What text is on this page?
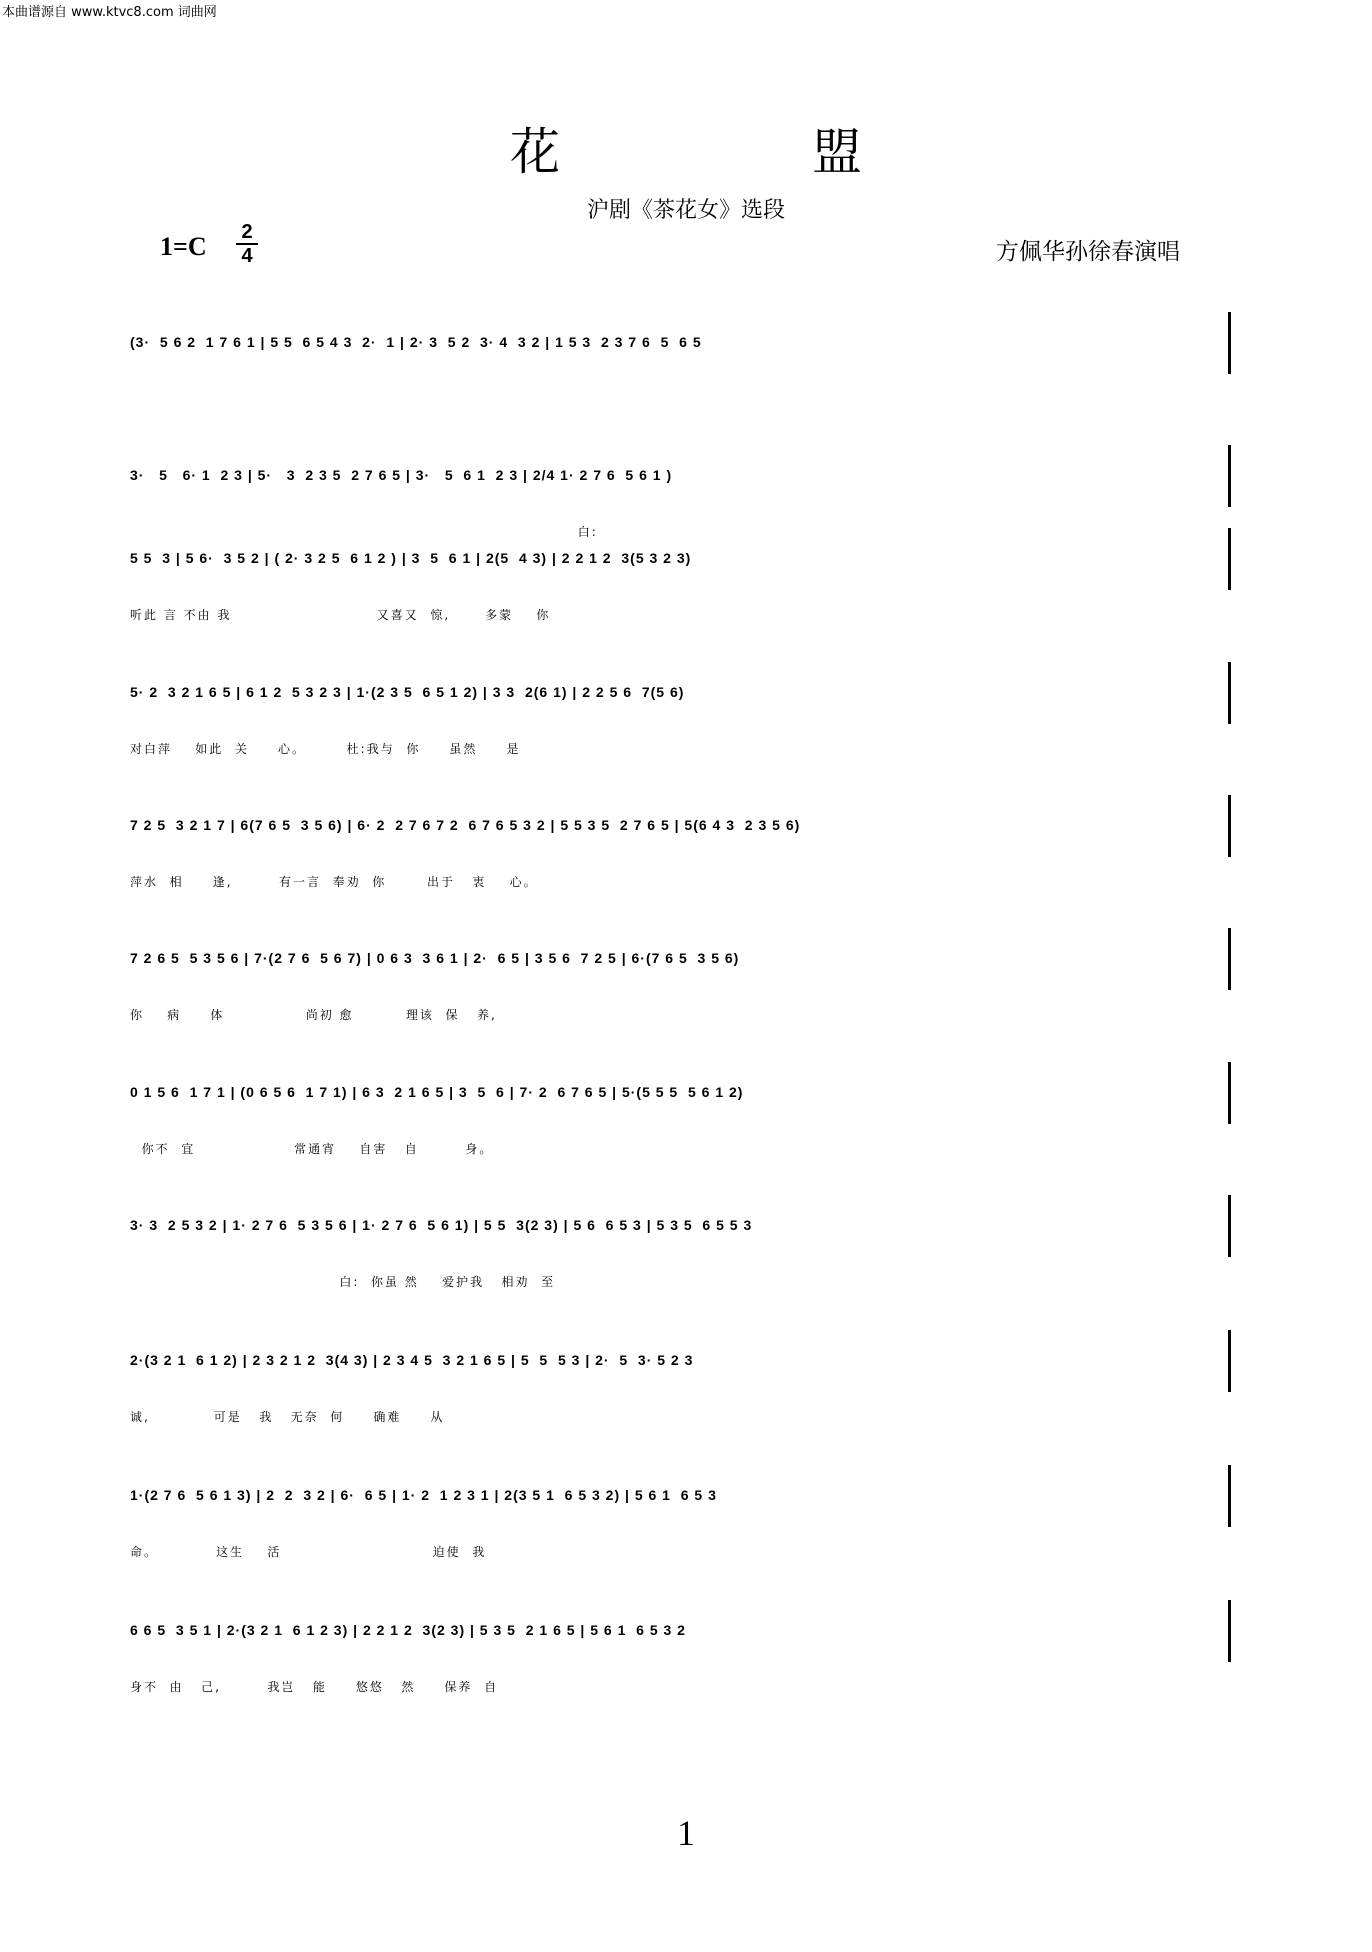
本曲谱源自 www.ktvc8.com 词曲网
花 盟
沪剧《茶花女》选段
1=C 2
4	方佩华孙徐春演唱
(3·  5 6 2  1 7 6 1 | 5 5  6 5 4 3  2·  1 | 2· 3  5 2  3· 4  3 2 | 1 5 3  2 3 7 6  5  6 5
3·   5   6· 1  2 3 | 5·   3  2 3 5  2 7 6 5 | 3·   5  6 1  2 3 | 2/4 1· 2 7 6  5 6 1 )
白:
5 5  3 | 5 6·  3 5 2 | ( 2· 3 2 5  6 1 2 ) | 3  5  6 1 | 2(5  4 3) | 2 2 1 2  3(5 3 2 3)
听此 言 不由 我                         又喜又  惊,      多蒙    你
5· 2  3 2 1 6 5 | 6 1 2  5 3 2 3 | 1·(2 3 5  6 5 1 2) | 3 3  2(6 1) | 2 2 5 6  7(5 6)
对白萍    如此  关     心。       杜:我与  你     虽然     是
7 2 5  3 2 1 7 | 6(7 6 5  3 5 6) | 6· 2  2 7 6 7 2  6 7 6 5 3 2 | 5 5 3 5  2 7 6 5 | 5(6 4 3  2 3 5 6)
萍水  相     逢,        有一言  奉劝  你       出于   衷    心。
7 2 6 5  5 3 5 6 | 7·(2 7 6  5 6 7) | 0 6 3  3 6 1 | 2·  6 5 | 3 5 6  7 2 5 | 6·(7 6 5  3 5 6)
你    病     体              尚初 愈         理该  保   养,
0 1 5 6  1 7 1 | (0 6 5 6  1 7 1) | 6 3  2 1 6 5 | 3  5  6 | 7· 2  6 7 6 5 | 5·(5 5 5  5 6 1 2)
你不  宜                 常通宵    自害   自        身。
3· 3  2 5 3 2 | 1· 2 7 6  5 3 5 6 | 1· 2 7 6  5 6 1) | 5 5  3(2 3) | 5 6  6 5 3 | 5 3 5  6 5 5 3
白:  你虽 然    爱护我   相劝  至
2·(3 2 1  6 1 2) | 2 3 2 1 2  3(4 3) | 2 3 4 5  3 2 1 6 5 | 5  5  5 3 | 2·  5  3· 5 2 3
诚,           可是   我   无奈  何     确难     从
1·(2 7 6  5 6 1 3) | 2  2  3 2 | 6·  6 5 | 1· 2  1 2 3 1 | 2(3 5 1  6 5 3 2) | 5 6 1  6 5 3
命。          这生    活                          迫使  我
6 6 5  3 5 1 | 2·(3 2 1  6 1 2 3) | 2 2 1 2  3(2 3) | 5 3 5  2 1 6 5 | 5 6 1  6 5 3 2
身不  由   己,        我岂   能     悠悠   然     保养  自
1
